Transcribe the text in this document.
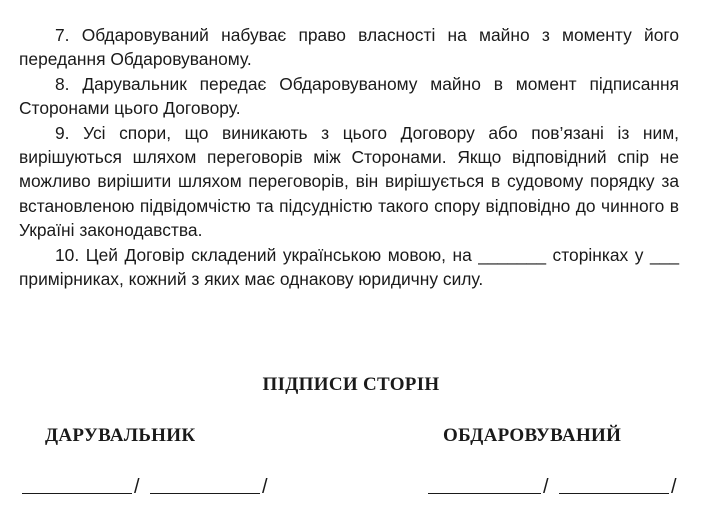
7. Обдаровуваний набуває право власності на майно з моменту його передання Обдаровуваному.

8. Дарувальник передає Обдаровуваному майно в момент підписання Сторонами цього Договору.

9. Усі спори, що виникають з цього Договору або пов’язані із ним, вирішуються шляхом переговорів між Сторонами. Якщо відповідний спір не можливо вирішити шляхом переговорів, він вирішується в судовому порядку за встановленою підвідомчістю та підсудністю такого спору відповідно до чинного в Україні законодавства.

10. Цей Договір складений українською мовою, на _______ сторінках у ___ примірниках, кожний з яких має однакову юридичну силу.

ПІДПИСИ СТОРІН
ДАРУВАЛЬНИК	ОБДАРОВУВАНИЙ
/	/	/	/
